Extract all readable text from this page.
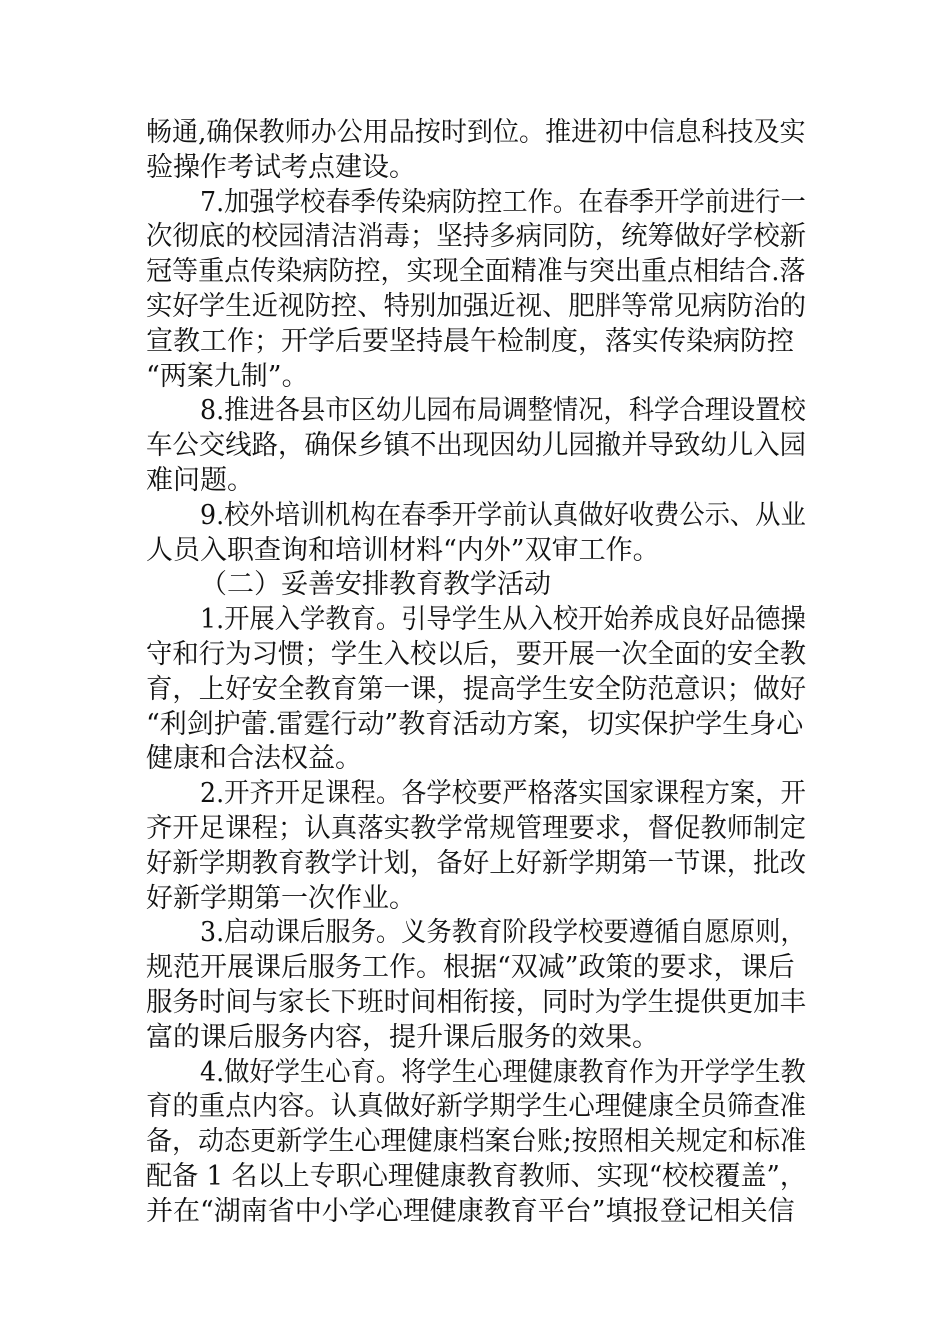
畅通,确保教师办公用品按时到位。推进初中信息科技及实
验操作考试考点建设。
7.加强学校春季传染病防控工作。在春季开学前进行一
次彻底的校园清洁消毒；坚持多病同防，统筹做好学校新
冠等重点传染病防控，实现全面精准与突出重点相结合.落
实好学生近视防控、特别加强近视、肥胖等常见病防治的
宣教工作；开学后要坚持晨午检制度，落实传染病防控
“两案九制”。
8.推进各县市区幼儿园布局调整情况，科学合理设置校
车公交线路，确保乡镇不出现因幼儿园撤并导致幼儿入园
难问题。
9.校外培训机构在春季开学前认真做好收费公示、从业
人员入职查询和培训材料“内外”双审工作。
（二）妥善安排教育教学活动
1.开展入学教育。引导学生从入校开始养成良好品德操
守和行为习惯；学生入校以后，要开展一次全面的安全教
育，上好安全教育第一课，提高学生安全防范意识；做好
“利剑护蕾.雷霆行动”教育活动方案，切实保护学生身心
健康和合法权益。
2.开齐开足课程。各学校要严格落实国家课程方案，开
齐开足课程；认真落实教学常规管理要求，督促教师制定
好新学期教育教学计划，备好上好新学期第一节课，批改
好新学期第一次作业。
3.启动课后服务。义务教育阶段学校要遵循自愿原则，
规范开展课后服务工作。根据“双减”政策的要求，课后
服务时间与家长下班时间相衔接，同时为学生提供更加丰
富的课后服务内容，提升课后服务的效果。
4.做好学生心育。将学生心理健康教育作为开学学生教
育的重点内容。认真做好新学期学生心理健康全员筛查准
备，动态更新学生心理健康档案台账;按照相关规定和标准
配备 1 名以上专职心理健康教育教师、实现“校校覆盖”，
并在“湖南省中小学心理健康教育平台”填报登记相关信
